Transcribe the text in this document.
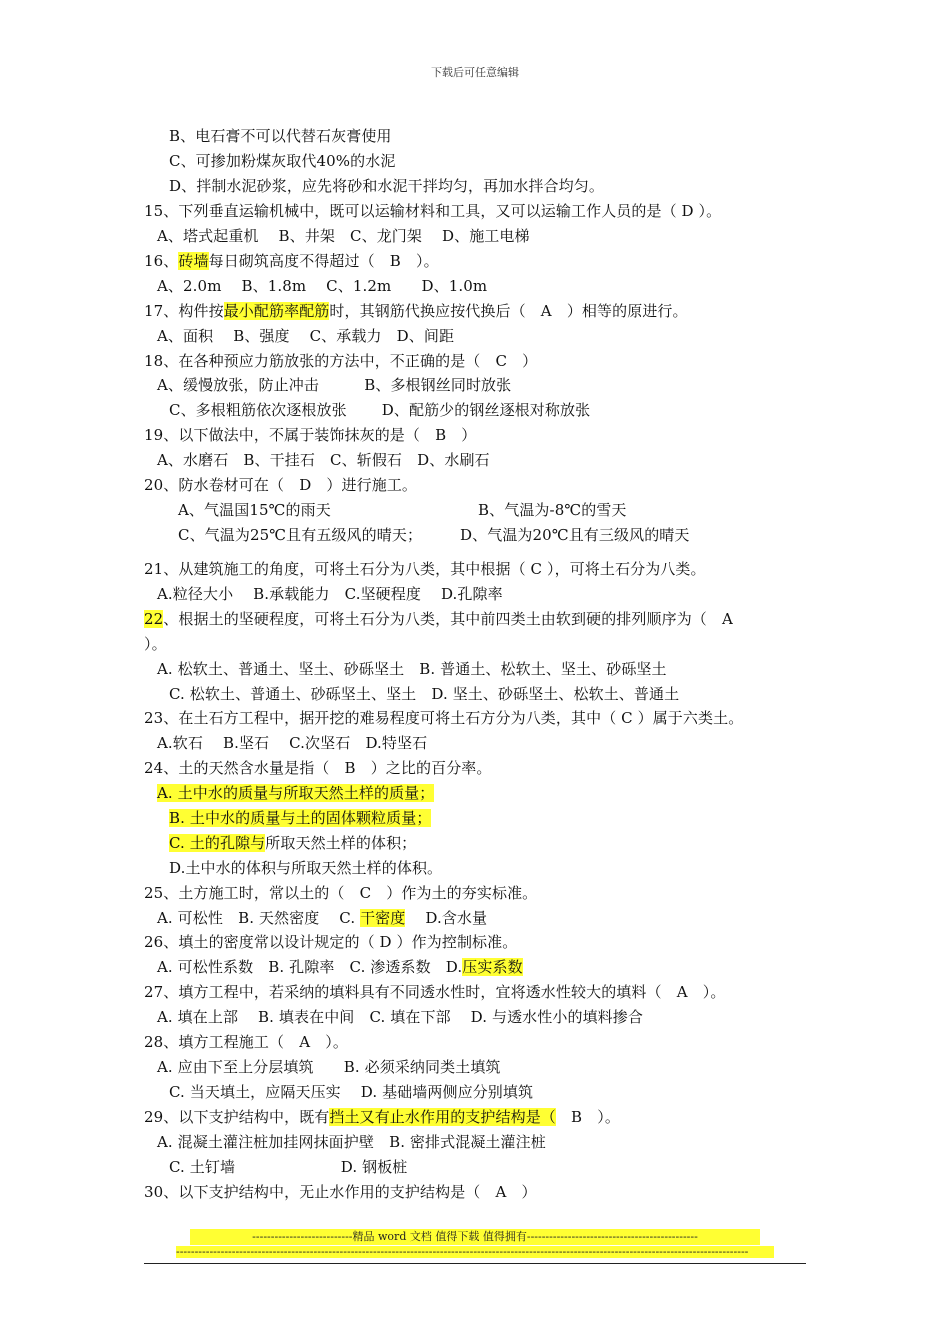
下载后可任意编辑
B、电石膏不可以代替石灰膏使用
C、可掺加粉煤灰取代40%的水泥
D、拌制水泥砂浆，应先将砂和水泥干拌均匀，再加水拌合均匀。
15、下列垂直运输机械中，既可以运输材料和工具，又可以运输工作人员的是（ D ）。
A、塔式起重机　 B、井架　C、龙门架　 D、施工电梯
16、砖墙每日砌筑高度不得超过（　B　）。
A、2.0m　 B、1.8m　 C、1.2m　　D、1.0m
17、构件按最小配筋率配筋时，其钢筋代换应按代换后（　A　）相等的原进行。
A、面积　 B、强度　 C、承载力　D、间距
18、在各种预应力筋放张的方法中，不正确的是（　C　）
A、缓慢放张，防止冲击　　　B、多根钢丝同时放张
C、多根粗筋依次逐根放张　　 D、配筋少的钢丝逐根对称放张
19、以下做法中，不属于装饰抹灰的是（　B　）
A、水磨石　B、干挂石　C、斩假石　D、水刷石
20、防水卷材可在（　D　）进行施工。
A、气温国15℃的雨天	B、气温为-8℃的雪天
C、气温为25℃且有五级风的晴天；	D、气温为20℃且有三级风的晴天
21、从建筑施工的角度，可将土石分为八类，其中根据（ C ），可将土石分为八类。
A.粒径大小　 B.承载能力　C.坚硬程度　 D.孔隙率
22、根据土的坚硬程度，可将土石分为八类，其中前四类土由软到硬的排列顺序为（　A
）。
A. 松软土、普通土、坚土、砂砾坚土　B. 普通土、松软土、坚土、砂砾坚土
C. 松软土、普通土、砂砾坚土、坚土　D. 坚土、砂砾坚土、松软土、普通土
23、在土石方工程中，据开挖的难易程度可将土石方分为八类，其中（ C ）属于六类土。
A.软石　 B.坚石　 C.次坚石　D.特坚石
24、土的天然含水量是指（　B　）之比的百分率。
A. 土中水的质量与所取天然土样的质量；
B. 土中水的质量与土的固体颗粒质量；
C. 土的孔隙与所取天然土样的体积；
D.土中水的体积与所取天然土样的体积。
25、土方施工时，常以土的（　C　）作为土的夯实标准。
A. 可松性　B. 天然密度　 C. 干密度　 D.含水量
26、填土的密度常以设计规定的（ D ）作为控制标准。
A. 可松性系数　B. 孔隙率　C. 渗透系数　D.压实系数
27、填方工程中，若采纳的填料具有不同透水性时，宜将透水性较大的填料（　A　）。
A. 填在上部　 B. 填表在中间　C. 填在下部　 D. 与透水性小的填料掺合
28、填方工程施工（　A　）。
A. 应由下至上分层填筑　　B. 必须采纳同类土填筑
C. 当天填土，应隔天压实　 D. 基础墙两侧应分别填筑
29、以下支护结构中，既有挡土又有止水作用的支护结构是（　B　）。
A. 混凝土灌注桩加挂网抹面护壁　B. 密排式混凝土灌注桩
C. 土钉墙　　　　　　　D. 钢板桩
30、以下支护结构中，无止水作用的支护结构是（　A　）
---------------------------精品 word 文档 值得下载 值得拥有----------------------------------------------
----------------------------------------------------------------------------------------------------------------------------------------------------------
